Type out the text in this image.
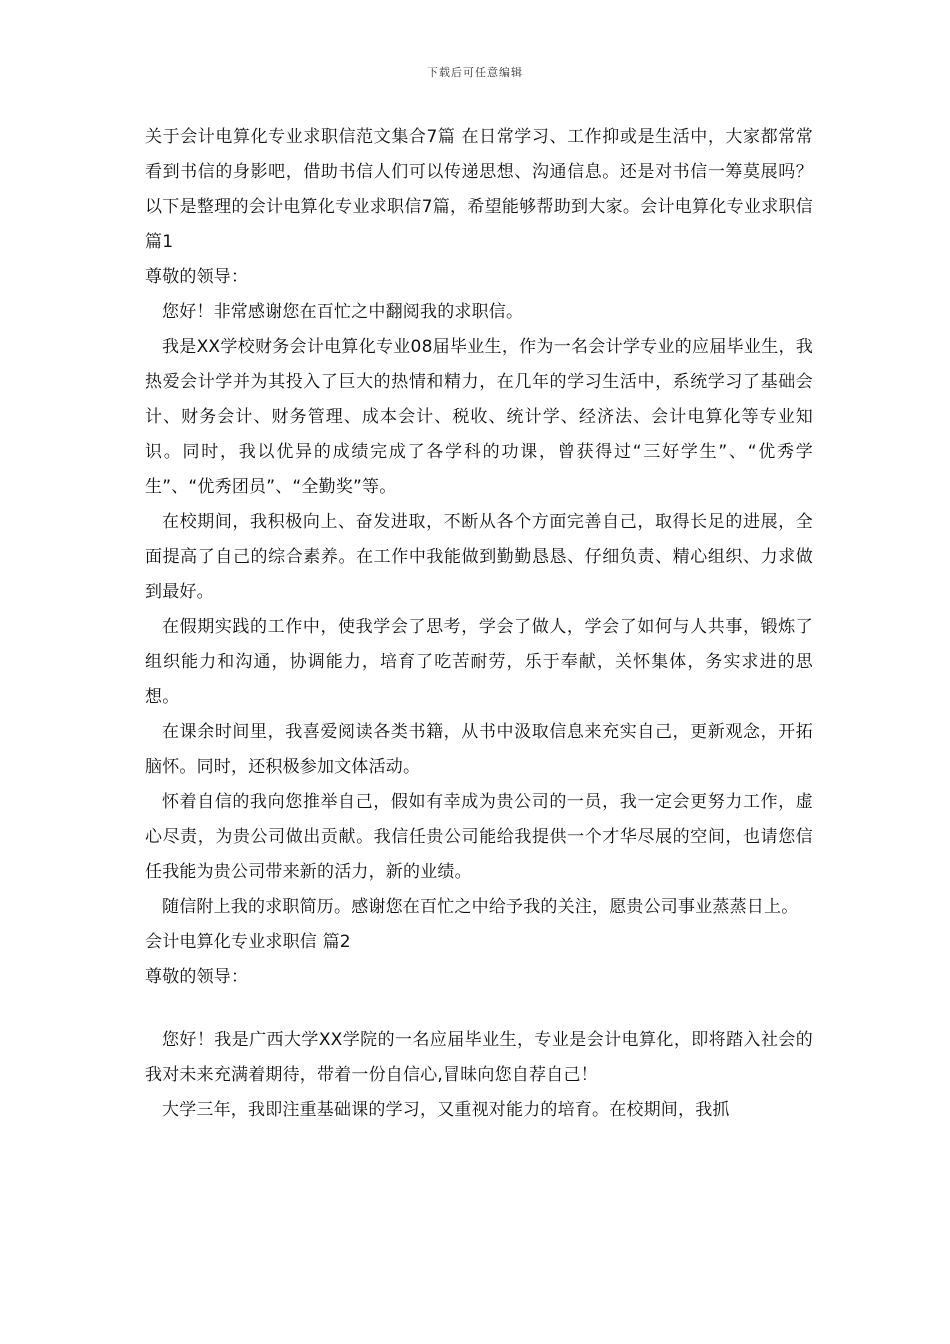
下载后可任意编辑

关于会计电算化专业求职信范文集合7篇 在日常学习、工作抑或是生活中，大家都常常看到书信的身影吧，借助书信人们可以传递思想、沟通信息。还是对书信一筹莫展吗？以下是整理的会计电算化专业求职信7篇，希望能够帮助到大家。会计电算化专业求职信 篇1

尊敬的领导：

您好！非常感谢您在百忙之中翻阅我的求职信。

我是XX学校财务会计电算化专业08届毕业生，作为一名会计学专业的应届毕业生，我热爱会计学并为其投入了巨大的热情和精力，在几年的学习生活中，系统学习了基础会计、财务会计、财务管理、成本会计、税收、统计学、经济法、会计电算化等专业知识。同时，我以优异的成绩完成了各学科的功课，曾获得过“三好学生”、“优秀学生”、“优秀团员”、“全勤奖”等。

在校期间，我积极向上、奋发进取，不断从各个方面完善自己，取得长足的进展，全面提高了自己的综合素养。在工作中我能做到勤勤恳恳、仔细负责、精心组织、力求做到最好。

在假期实践的工作中，使我学会了思考，学会了做人，学会了如何与人共事，锻炼了组织能力和沟通，协调能力，培育了吃苦耐劳，乐于奉献，关怀集体，务实求进的思想。

在课余时间里，我喜爱阅读各类书籍，从书中汲取信息来充实自己，更新观念，开拓脑怀。同时，还积极参加文体活动。

怀着自信的我向您推举自己，假如有幸成为贵公司的一员，我一定会更努力工作，虚心尽责，为贵公司做出贡献。我信任贵公司能给我提供一个才华尽展的空间，也请您信任我能为贵公司带来新的活力，新的业绩。

随信附上我的求职简历。感谢您在百忙之中给予我的关注，愿贵公司事业蒸蒸日上。

会计电算化专业求职信 篇2

尊敬的领导：

您好！我是广西大学XX学院的一名应届毕业生，专业是会计电算化，即将踏入社会的我对未来充满着期待，带着一份自信心,冒昧向您自荐自己！

大学三年，我即注重基础课的学习，又重视对能力的培育。在校期间，我抓
